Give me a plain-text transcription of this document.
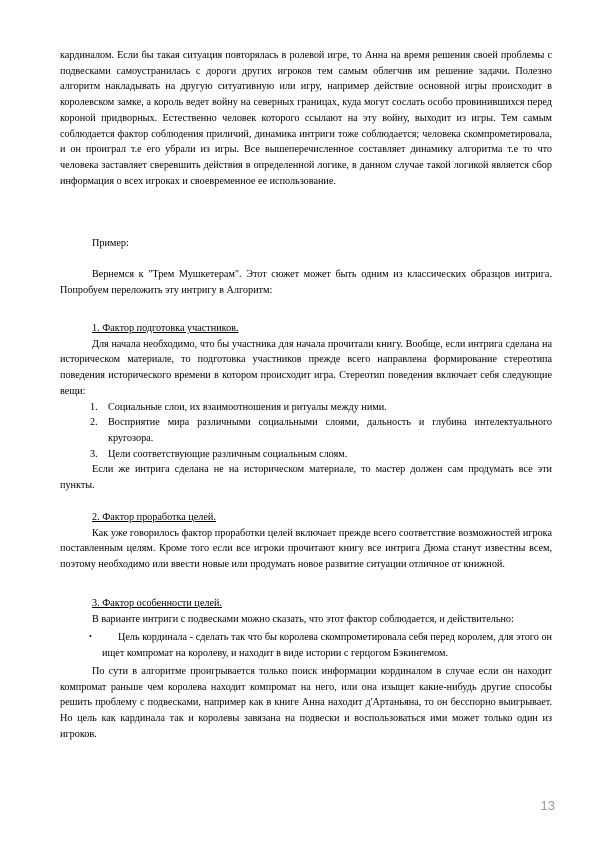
кардиналом. Если бы такая ситуация повторялась в ролевой игре, то Анна на время решения своей проблемы с подвесками самоустранилась с дороги других игроков тем самым облегчив им решение задачи. Полезно алгоритм накладывать на другую ситуативную или игру, например действие основной игры происходит в королевском замке, а король ведет войну на северных границах, куда могут сослать особо провинившихся перед короной придворных. Естественно человек которого ссылают на эту войну, выходит из игры. Тем самым соблюдается фактор соблюдения приличий, динамика интриги тоже соблюдается; человека скомпрометировала, и он проиграл т.е его убрали из игры. Все вышеперечисленное составляет динамику алгоритма т.е то что человека заставляет сверевшить действия в определенной логике, в данном случае такой логикой является сбор информация о всех игроках и своевременное ее использование.

Пример:

Вернемся к "Трем Мушкетерам". Этот сюжет может быть одним из классических образцов интрига. Попробуем переложить эту интригу в Алгоритм:

1. Фактор подготовка участников.

Для начала необходимо, что бы участника для начала прочитали книгу. Вообще, если интрига сделана на историческом материале, то подготовка участников прежде всего направлена формирование стереотипа поведения исторического времени в котором происходит игра. Стереотип поведения включает себя следующие вещи:

1. Социальные слои, их взаимоотношения и ритуалы между ними.
2. Восприятие мира различными социальными слоями, дальность и глубина интелектуального кругозора.
3. Цели соответствующие различным социальным слоям.

Если же интрига сделана не на историческом материале, то мастер должен сам продумать все эти пункты.

2. Фактор проработка целей.

Как уже говорилось фактор проработки целей включает прежде всего соответствие возможностей игрока поставленным целям. Кроме того если все игроки прочитают книгу все интрига Дюма станут известны всем, поэтому необходимо или ввести новые или продумать новое развитие ситуации отличное от книжной.

3. Фактор особенности целей.

В варианте интриги с подвесками можно сказать, что этот фактор соблюдается, и действительно:

•	Цель кординала - сделать так что бы королева скомпрометировала себя перед королем, для этого он ищет компромат на королеву, и находит в виде истории с герцогом Бэкингемом.

По сути в алгоритме проигрывается только поиск информации кординалом в случае если он находит компромат раньше чем королева находит компромат на него, или она изыщет какие-нибудь другие способы решить проблему с подвесками, например как в книге Анна находит д'Артаньяна, то он бесспорно выигрывает. Но цель как кардинала так и королевы завязана на подвески и воспользоваться ими может только один из игроков.

13
